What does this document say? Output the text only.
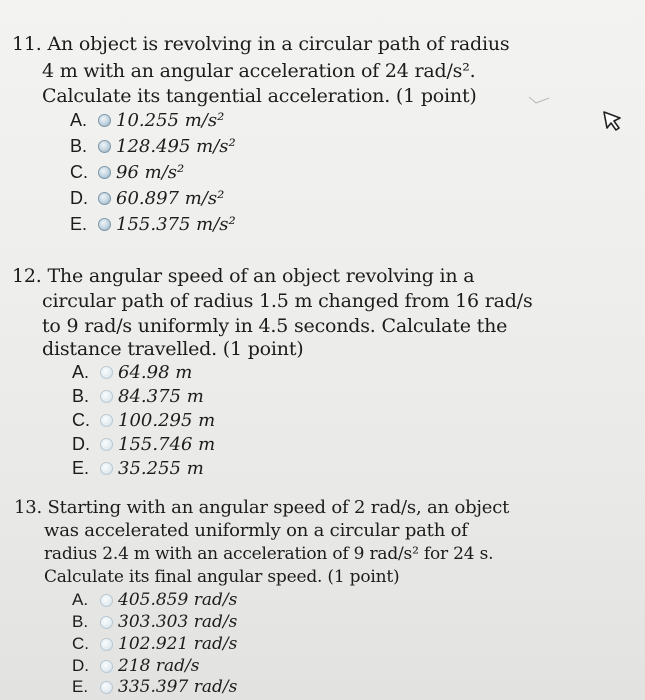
11. An object is revolving in a circular path of radius
4 m with an angular acceleration of 24 rad/s².
Calculate its tangential acceleration. (1 point)
A.	10.255 m/s²
B.	128.495 m/s²
C.	96 m/s²
D.	60.897 m/s²
E.	155.375 m/s²
12. The angular speed of an object revolving in a
circular path of radius 1.5 m changed from 16 rad/s
to 9 rad/s uniformly in 4.5 seconds. Calculate the
distance travelled. (1 point)
A.	64.98 m
B.	84.375 m
C.	100.295 m
D.	155.746 m
E.	35.255 m
13. Starting with an angular speed of 2 rad/s, an object
was accelerated uniformly on a circular path of
radius 2.4 m with an acceleration of 9 rad/s² for 24 s.
Calculate its final angular speed. (1 point)
A.	405.859 rad/s
B.	303.303 rad/s
C.	102.921 rad/s
D.	218 rad/s
E.	335.397 rad/s
